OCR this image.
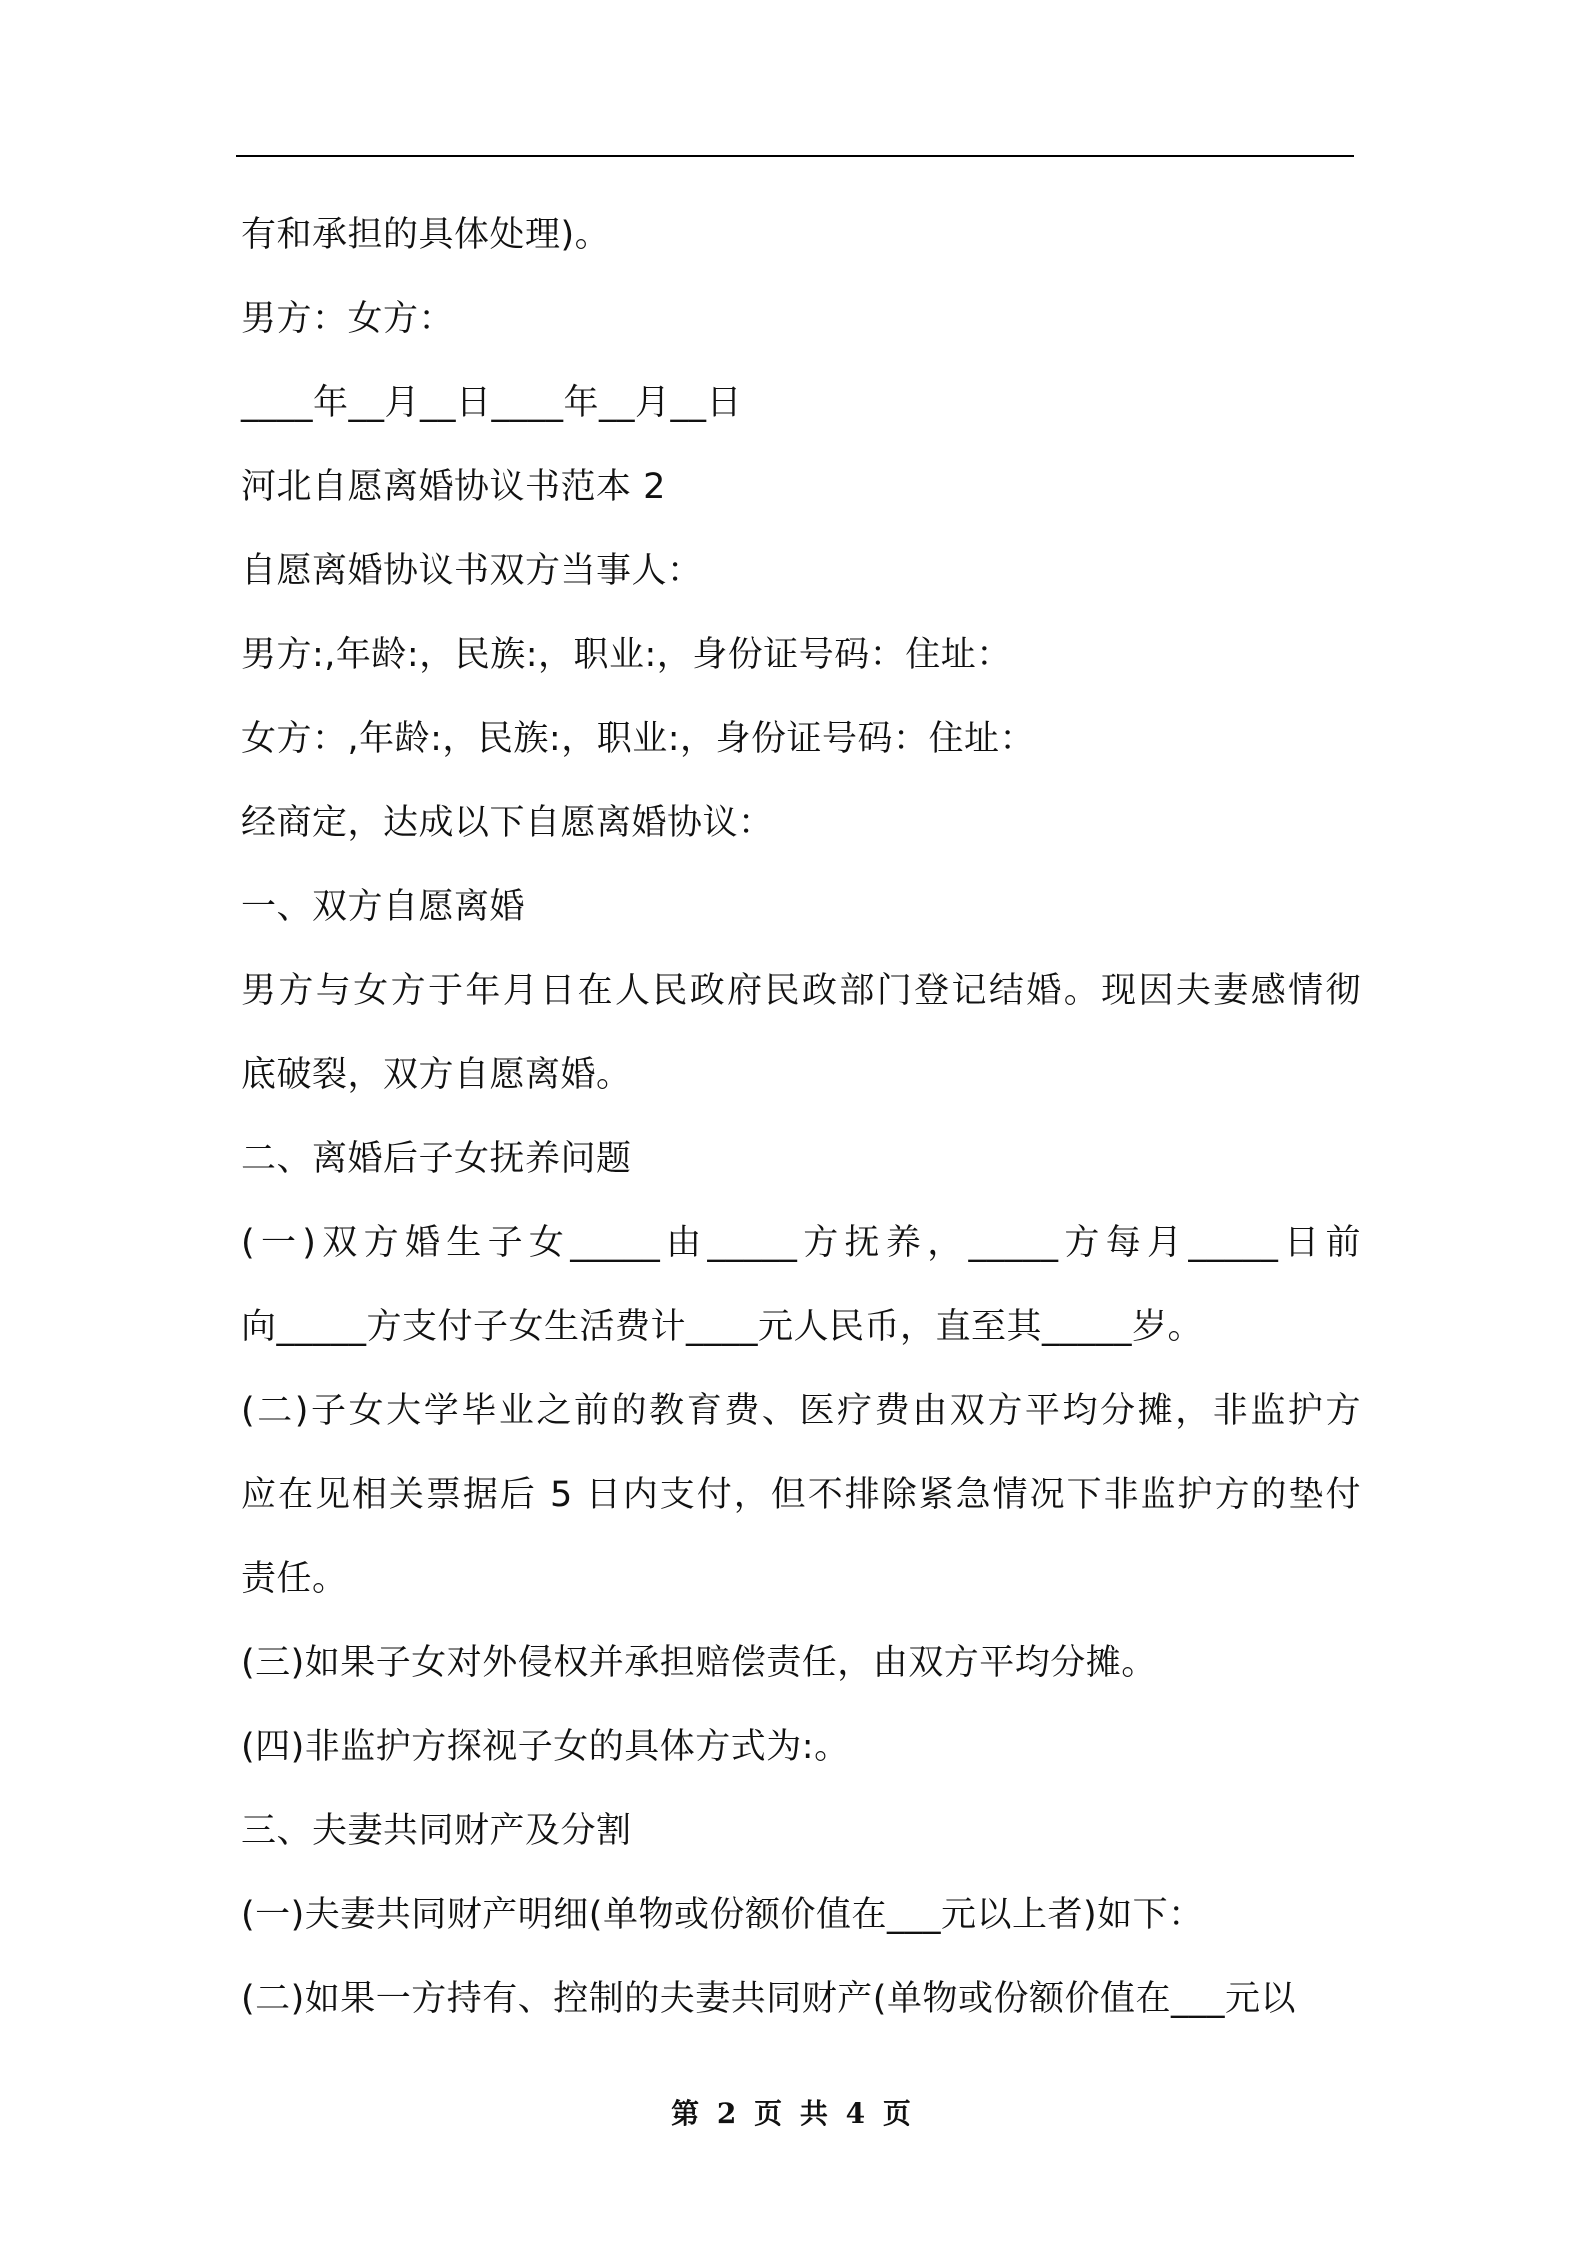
有和承担的具体处理)。
男方：女方：
____年__月__日____年__月__日
河北自愿离婚协议书范本 2
自愿离婚协议书双方当事人：
男方:,年龄:，民族:，职业:，身份证号码：住址：
女方：,年龄:，民族:，职业:，身份证号码：住址：
经商定，达成以下自愿离婚协议：
一、双方自愿离婚
男方与女方于年月日在人民政府民政部门登记结婚。现因夫妻感情彻
底破裂，双方自愿离婚。
二、离婚后子女抚养问题
(一)双方婚生子女_____由_____方抚养，_____方每月_____日前
向_____方支付子女生活费计____元人民币，直至其_____岁。
(二)子女大学毕业之前的教育费、医疗费由双方平均分摊，非监护方
应在见相关票据后 5 日内支付，但不排除紧急情况下非监护方的垫付
责任。
(三)如果子女对外侵权并承担赔偿责任，由双方平均分摊。
(四)非监护方探视子女的具体方式为:。
三、夫妻共同财产及分割
(一)夫妻共同财产明细(单物或份额价值在___元以上者)如下：
(二)如果一方持有、控制的夫妻共同财产(单物或份额价值在___元以
第 2 页 共 4 页
